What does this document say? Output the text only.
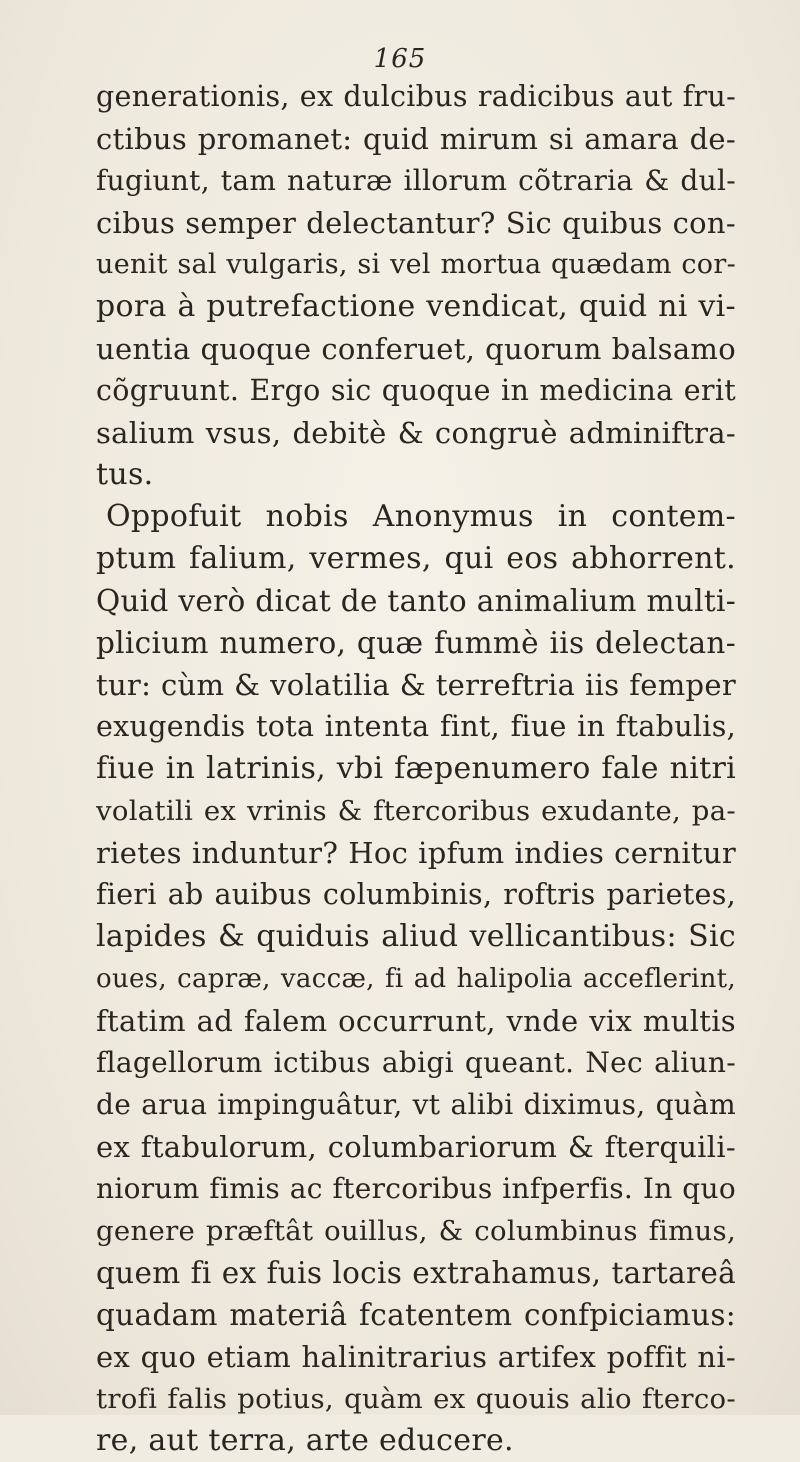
165
generationis, ex dulcibus radicibus aut fru-
ctibus promanet: quid mirum si amara de-
fugiunt, tam naturæ illorum cõtraria & dul-
cibus semper delectantur? Sic quibus con-
uenit sal vulgaris, si vel mortua quædam cor-
pora à putrefactione vendicat, quid ni vi-
uentia quoque conferuet, quorum balsamo
cõgruunt. Ergo sic quoque in medicina erit
salium vsus, debitè & congruè adminiftra-
tus.
Oppofuit nobis Anonymus in contem-
ptum falium, vermes, qui eos abhorrent.
Quid verò dicat de tanto animalium multi-
plicium numero, quæ fummè iis delectan-
tur: cùm & volatilia & terreftria iis femper
exugendis tota intenta fint, fiue in ftabulis,
fiue in latrinis, vbi fæpenumero fale nitri
volatili ex vrinis & ftercoribus exudante, pa-
rietes induntur? Hoc ipfum indies cernitur
fieri ab auibus columbinis, roftris parietes,
lapides & quiduis aliud vellicantibus: Sic
oues, capræ, vaccæ, fi ad halipolia acceflerint,
ftatim ad falem occurrunt, vnde vix multis
flagellorum ictibus abigi queant. Nec aliun-
de arua impinguâtur, vt alibi diximus, quàm
ex ftabulorum, columbariorum & fterquili-
niorum fimis ac ftercoribus infperfis. In quo
genere præftât ouillus, & columbinus fimus,
quem fi ex fuis locis extrahamus, tartareâ
quadam materiâ fcatentem confpiciamus:
ex quo etiam halinitrarius artifex poffit ni-
trofi falis potius, quàm ex quouis alio fterco-
re, aut terra, arte educere.
